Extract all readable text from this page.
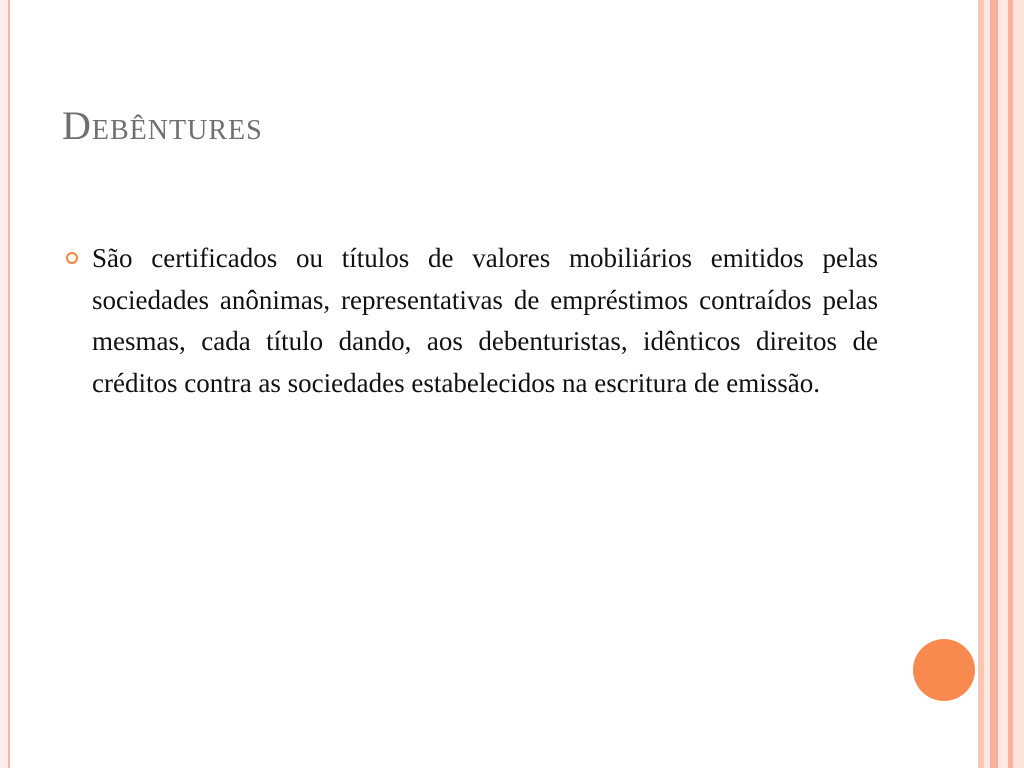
Debêntures
São certificados ou títulos de valores mobiliários emitidos pelas sociedades anônimas, representativas de empréstimos contraídos pelas mesmas, cada título dando, aos debenturistas, idênticos direitos de créditos contra as sociedades estabelecidos na escritura de emissão.
